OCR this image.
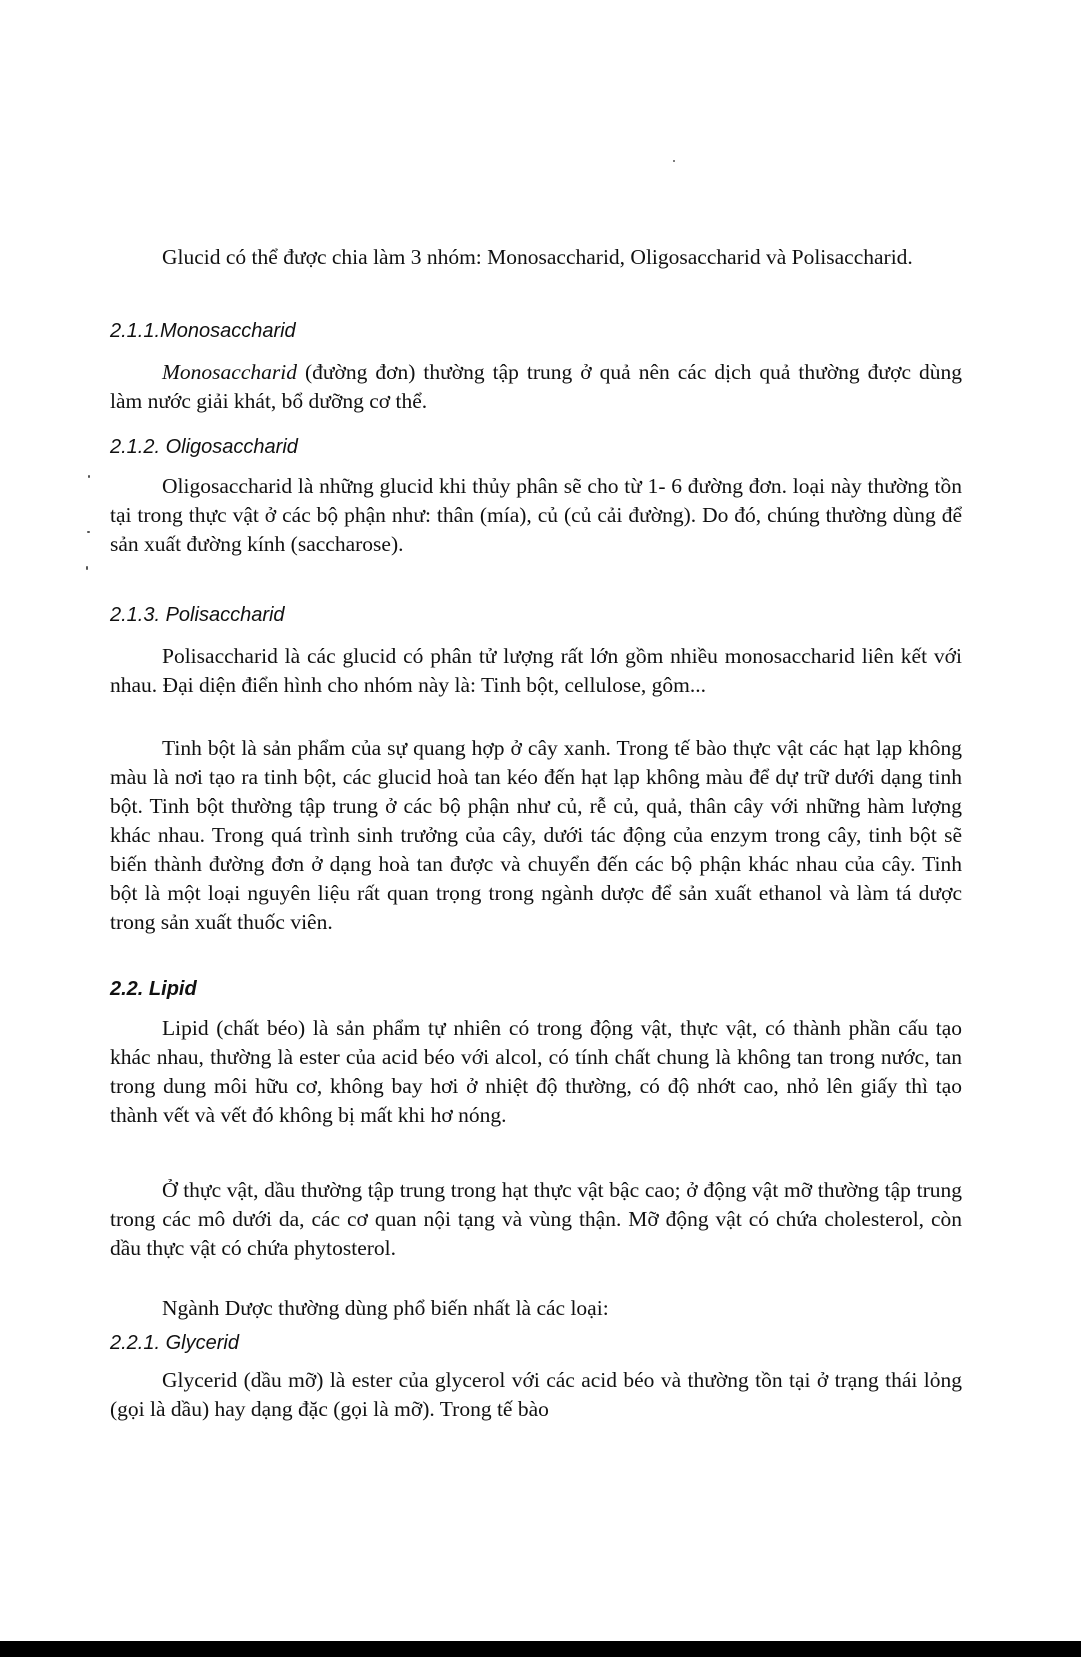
Glucid có thể được chia làm 3 nhóm: Monosaccharid, Oligosaccharid và Polisaccharid.

2.1.1.Monosaccharid

Monosaccharid (đường đơn) thường tập trung ở quả nên các dịch quả thường được dùng làm nước giải khát, bổ dưỡng cơ thể.

2.1.2. Oligosaccharid

Oligosaccharid là những glucid khi thủy phân sẽ cho từ 1- 6 đường đơn. loại này thường tồn tại trong thực vật ở các bộ phận như: thân (mía), củ (củ cải đường). Do đó, chúng thường dùng để sản xuất đường kính (saccharose).

2.1.3. Polisaccharid

Polisaccharid là các glucid có phân tử lượng rất lớn gồm nhiều monosaccharid liên kết với nhau. Đại diện điển hình cho nhóm này là: Tinh bột, cellulose, gôm...

Tinh bột là sản phẩm của sự quang hợp ở cây xanh. Trong tế bào thực vật các hạt lạp không màu là nơi tạo ra tinh bột, các glucid hoà tan kéo đến hạt lạp không màu để dự trữ dưới dạng tinh bột. Tinh bột thường tập trung ở các bộ phận như củ, rễ củ, quả, thân cây với những hàm lượng khác nhau. Trong quá trình sinh trưởng của cây, dưới tác động của enzym trong cây, tinh bột sẽ biến thành đường đơn ở dạng hoà tan được và chuyển đến các bộ phận khác nhau của cây. Tinh bột là một loại nguyên liệu rất quan trọng trong ngành dược để sản xuất ethanol và làm tá dược trong sản xuất thuốc viên.

2.2. Lipid

Lipid (chất béo) là sản phẩm tự nhiên có trong động vật, thực vật, có thành phần cấu tạo khác nhau, thường là ester của acid béo với alcol, có tính chất chung là không tan trong nước, tan trong dung môi hữu cơ, không bay hơi ở nhiệt độ thường, có độ nhớt cao, nhỏ lên giấy thì tạo thành vết và vết đó không bị mất khi hơ nóng.

Ở thực vật, dầu thường tập trung trong hạt thực vật bậc cao; ở động vật mỡ thường tập trung trong các mô dưới da, các cơ quan nội tạng và vùng thận. Mỡ động vật có chứa cholesterol, còn dầu thực vật có chứa phytosterol.

Ngành Dược thường dùng phổ biến nhất là các loại:

2.2.1. Glycerid

Glycerid (dầu mỡ) là ester của glycerol với các acid béo và thường tồn tại ở trạng thái lỏng (gọi là dầu) hay dạng đặc (gọi là mỡ). Trong tế bào
